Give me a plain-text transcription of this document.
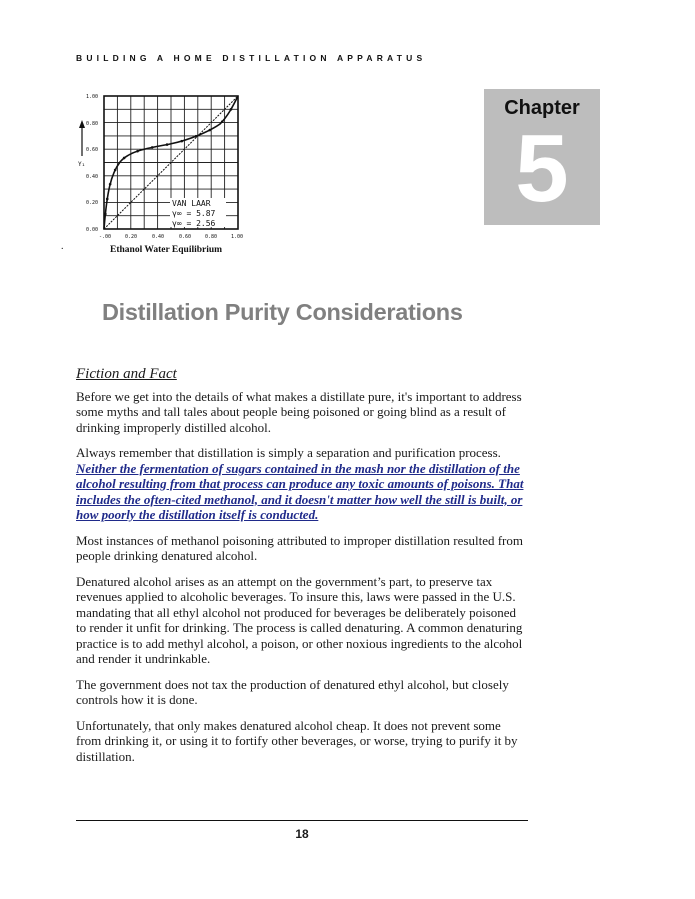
BUILDING A HOME DISTILLATION APPARATUS
1.00
0.80
0.60
0.40
0.20
0.00
-.00	0.20	0.40	0.60	0.80	1.00
Y₁
VAN LAAR
γ∞ = 5.87
γ∞ = 2.56
Ethanol Water Equilibrium
.
Chapter
5
Distillation Purity Considerations
Fiction and Fact

Before we get into the details of what makes a distillate pure, it's important to address some myths and tall tales about people being poisoned or going blind as a result of drinking improperly distilled alcohol.

Always remember that distillation is simply a separation and purification process.
Neither the fermentation of sugars contained in the mash nor the distillation of the alcohol resulting from that process can produce any toxic amounts of poisons. That includes the often-cited methanol, and it doesn't matter how well the still is built, or how poorly the distillation itself is conducted.

Most instances of methanol poisoning attributed to improper distillation resulted from people drinking denatured alcohol.

Denatured alcohol arises as an attempt on the government’s part, to preserve tax revenues applied to alcoholic beverages. To insure this, laws were passed in the U.S. mandating that all ethyl alcohol not produced for beverages be deliberately poisoned to render it unfit for drinking. The process is called denaturing. A common denaturing practice is to add methyl alcohol, a poison, or other noxious ingredients to the alcohol and render it undrinkable.

The government does not tax the production of denatured ethyl alcohol, but closely controls how it is done.

Unfortunately, that only makes denatured alcohol cheap. It does not prevent some from drinking it, or using it to fortify other beverages, or worse, trying to purify it by distillation.

18
